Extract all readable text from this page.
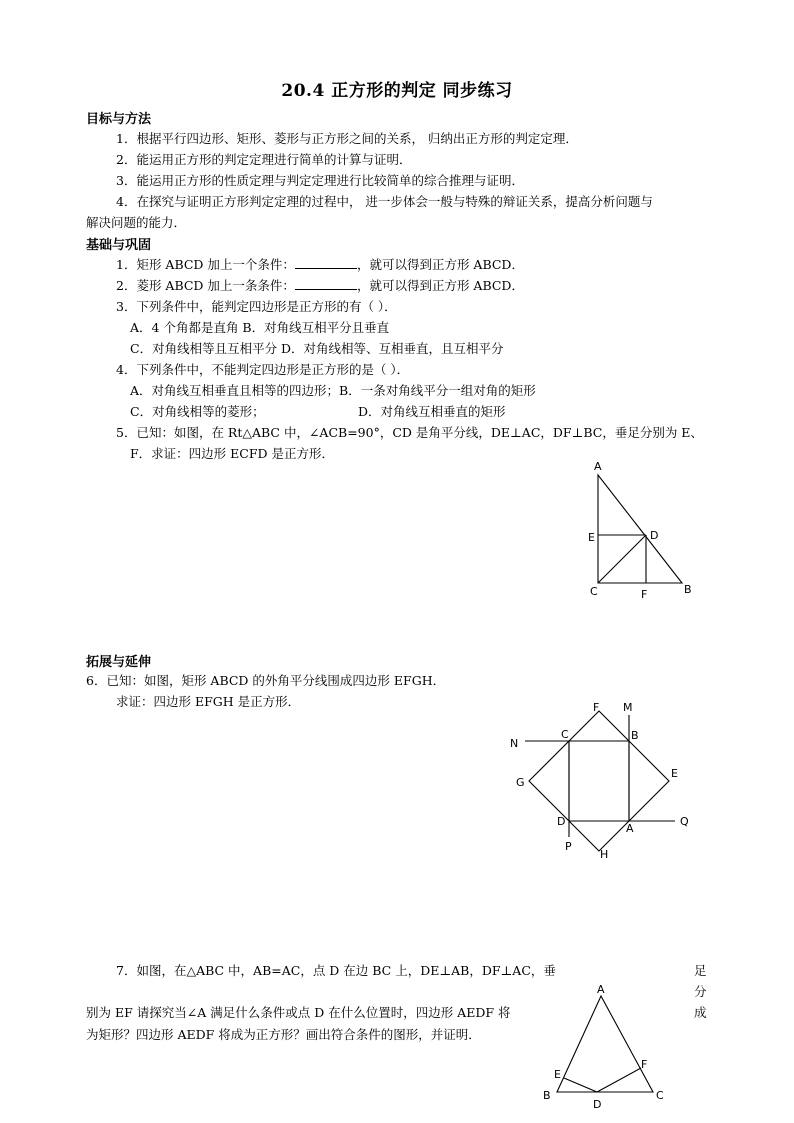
20.4 正方形的判定 同步练习
目标与方法
1．根据平行四边形、矩形、菱形与正方形之间的关系， 归纳出正方形的判定定理．
2．能运用正方形的判定定理进行简单的计算与证明．
3．能运用正方形的性质定理与判定定理进行比较简单的综合推理与证明．
4．在探究与证明正方形判定定理的过程中， 进一步体会一般与特殊的辩证关系，提高分析问题与
解决问题的能力．
基础与巩固
1．矩形 ABCD 加上一个条件：	，就可以得到正方形 ABCD．
2．菱形 ABCD 加上一条条件：	，就可以得到正方形 ABCD．
3．下列条件中，能判定四边形是正方形的有（ ）．
A．4 个角都是直角 B．对角线互相平分且垂直
C．对角线相等且互相平分 D．对角线相等、互相垂直，且互相平分
4．下列条件中，不能判定四边形是正方形的是（ ）．
A．对角线互相垂直且相等的四边形；B．一条对角线平分一组对角的矩形
C．对角线相等的菱形；	D．对角线互相垂直的矩形
5．已知：如图，在 Rt△ABC 中，∠ACB=90°，CD 是角平分线，DE⊥AC，DF⊥BC，垂足分别为 E、
F．求证：四边形 ECFD 是正方形．
A
E	D
C	F	B
拓展与延伸
6．已知：如图，矩形 ABCD 的外角平分线围成四边形 EFGH．
求证：四边形 EFGH 是正方形．
N
C
F M
B
E
G
D
A
Q
P
H
7．如图，在△ABC 中，AB=AC，点 D 在边 BC 上，DE⊥AB，DF⊥AC，垂	足
别为 EF 请探究当∠A 满足什么条件或点 D 在什么位置时，四边形 AEDF 将
分
成
为矩形？四边形 AEDF 将成为正方形？画出符合条件的图形，并证明．
A
E
F
B
D
C
